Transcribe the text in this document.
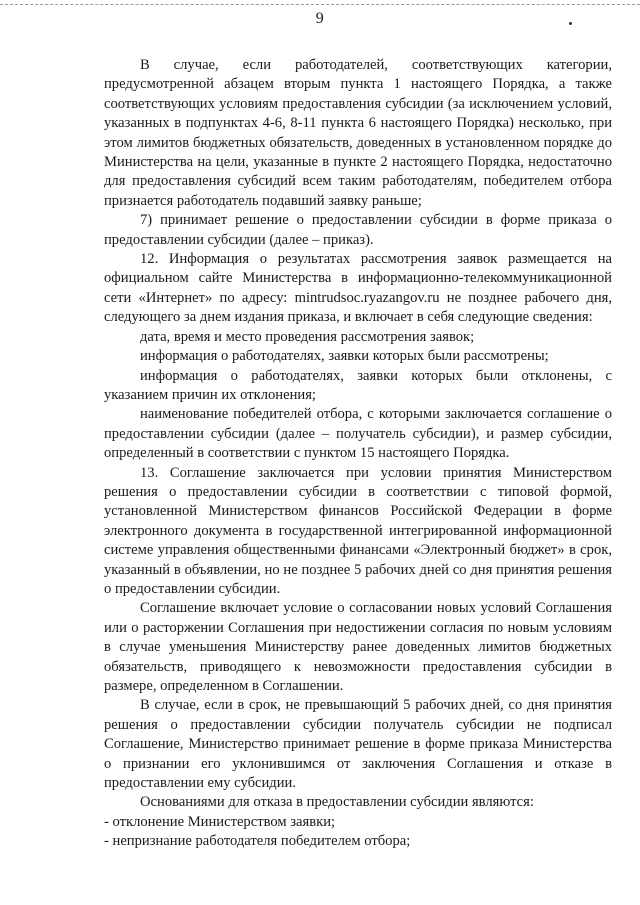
9

В случае, если работодателей, соответствующих категории, предусмотренной абзацем вторым пункта 1 настоящего Порядка, а также соответствующих условиям предоставления субсидии (за исключением условий, указанных в подпунктах 4-6, 8-11 пункта 6 настоящего Порядка) несколько, при этом лимитов бюджетных обязательств, доведенных в установленном порядке до Министерства на цели, указанные в пункте 2 настоящего Порядка, недостаточно для предоставления субсидий всем таким работодателям, победителем отбора признается работодатель подавший заявку раньше;

7) принимает решение о предоставлении субсидии в форме приказа о предоставлении субсидии (далее – приказ).

12. Информация о результатах рассмотрения заявок размещается на официальном сайте Министерства в информационно-телекоммуникационной сети «Интернет» по адресу: mintrudsoc.ryazangov.ru не позднее рабочего дня, следующего за днем издания приказа, и включает в себя следующие сведения:

дата, время и место проведения рассмотрения заявок;

информация о работодателях, заявки которых были рассмотрены;

информация о работодателях, заявки которых были отклонены, с указанием причин их отклонения;

наименование победителей отбора, с которыми заключается соглашение о предоставлении субсидии (далее – получатель субсидии), и размер субсидии, определенный в соответствии с пунктом 15 настоящего Порядка.

13. Соглашение заключается при условии принятия Министерством решения о предоставлении субсидии в соответствии с типовой формой, установленной Министерством финансов Российской Федерации в форме электронного документа в государственной интегрированной информационной системе управления общественными финансами «Электронный бюджет» в срок, указанный в объявлении, но не позднее 5 рабочих дней со дня принятия решения о предоставлении субсидии.

Соглашение включает условие о согласовании новых условий Соглашения или о расторжении Соглашения при недостижении согласия по новым условиям в случае уменьшения Министерству ранее доведенных лимитов бюджетных обязательств, приводящего к невозможности предоставления субсидии в размере, определенном в Соглашении.

В случае, если в срок, не превышающий 5 рабочих дней, со дня принятия решения о предоставлении субсидии получатель субсидии не подписал Соглашение, Министерство принимает решение в форме приказа Министерства о признании его уклонившимся от заключения Соглашения и отказе в предоставлении ему субсидии.

Основаниями для отказа в предоставлении субсидии являются:

- отклонение Министерством заявки;

- непризнание работодателя победителем отбора;
